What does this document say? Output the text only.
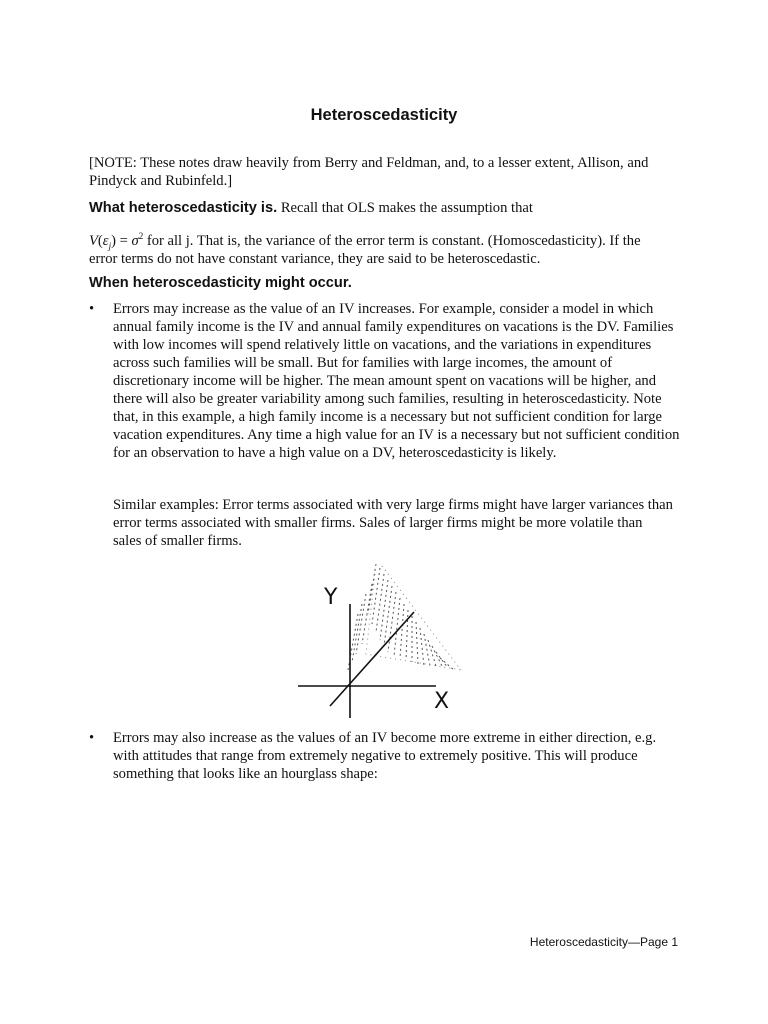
Heteroscedasticity
[NOTE: These notes draw heavily from Berry and Feldman, and, to a lesser extent, Allison, and Pindyck and Rubinfeld.]
What heteroscedasticity is. Recall that OLS makes the assumption that
$V(\varepsilon_j) = \sigma^2$ for all j. That is, the variance of the error term is constant. (Homoscedasticity). If the
error terms do not have constant variance, they are said to be heteroscedastic.
When heteroscedasticity might occur.
• Errors may increase as the value of an IV increases. For example, consider a model in which annual family income is the IV and annual family expenditures on vacations is the DV. Families with low incomes will spend relatively little on vacations, and the variations in expenditures across such families will be small. But for families with large incomes, the amount of discretionary income will be higher. The mean amount spent on vacations will be higher, and there will also be greater variability among such families, resulting in heteroscedasticity. Note that, in this example, a high family income is a necessary but not sufficient condition for large vacation expenditures. Any time a high value for an IV is a necessary but not sufficient condition for an observation to have a high value on a DV, heteroscedasticity is likely.
Similar examples: Error terms associated with very large firms might have larger variances than error terms associated with smaller firms. Sales of larger firms might be more volatile than sales of smaller firms.
Y
X
• Errors may also increase as the values of an IV become more extreme in either direction, e.g. with attitudes that range from extremely negative to extremely positive. This will produce something that looks like an hourglass shape:
Heteroscedasticity—Page 1
